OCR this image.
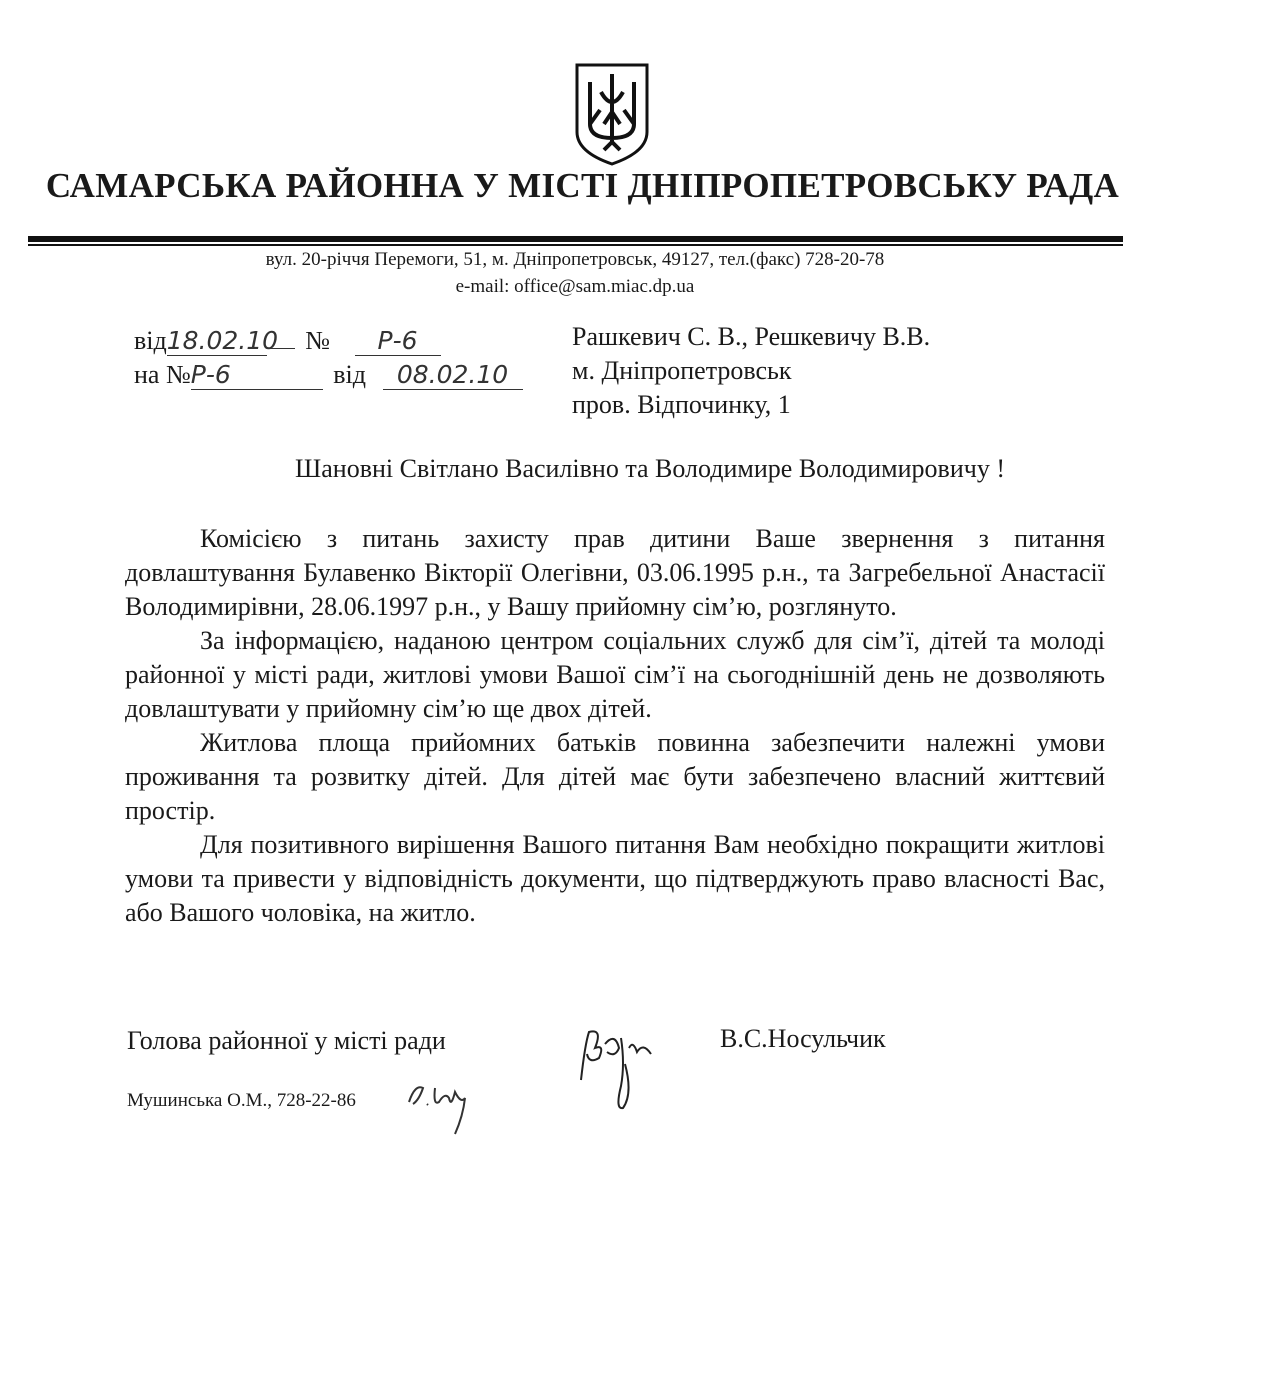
САМАРСЬКА РАЙОННА У МІСТІ ДНІПРОПЕТРОВСЬКУ РАДА
вул. 20-річчя Перемоги, 51, м. Дніпропетровськ, 49127, тел.(факс) 728-20-78
e-mail: office@sam.miac.dp.ua
від18.02.10 № Р-6
на №Р-6	від 08.02.10
Рашкевич С. В., Решкевичу В.В.
м. Дніпропетровськ
пров. Відпочинку, 1
Шановні Світлано Василівно та Володимире Володимировичу !

Комісією з питань захисту прав дитини Ваше звернення з питання довлаштування Булавенко Вікторії Олегівни, 03.06.1995 р.н., та Загребельної Анастасії Володимирівни, 28.06.1997 р.н., у Вашу прийомну сім’ю, розглянуто.

За інформацією, наданою центром соціальних служб для сім’ї, дітей та молоді районної у місті ради, житлові умови Вашої сім’ї на сьогоднішній день не дозволяють довлаштувати у прийомну сім’ю ще двох дітей.

Житлова площа прийомних батьків повинна забезпечити належні умови проживання та розвитку дітей. Для дітей має бути забезпечено власний життєвий простір.

Для позитивного вирішення Вашого питання Вам необхідно покращити житлові умови та привести у відповідність документи, що підтверджують право власності Вас, або Вашого чоловіка, на житло.

Голова районної у місті ради	В.С.Носульчик
Мушинська О.М., 728-22-86
